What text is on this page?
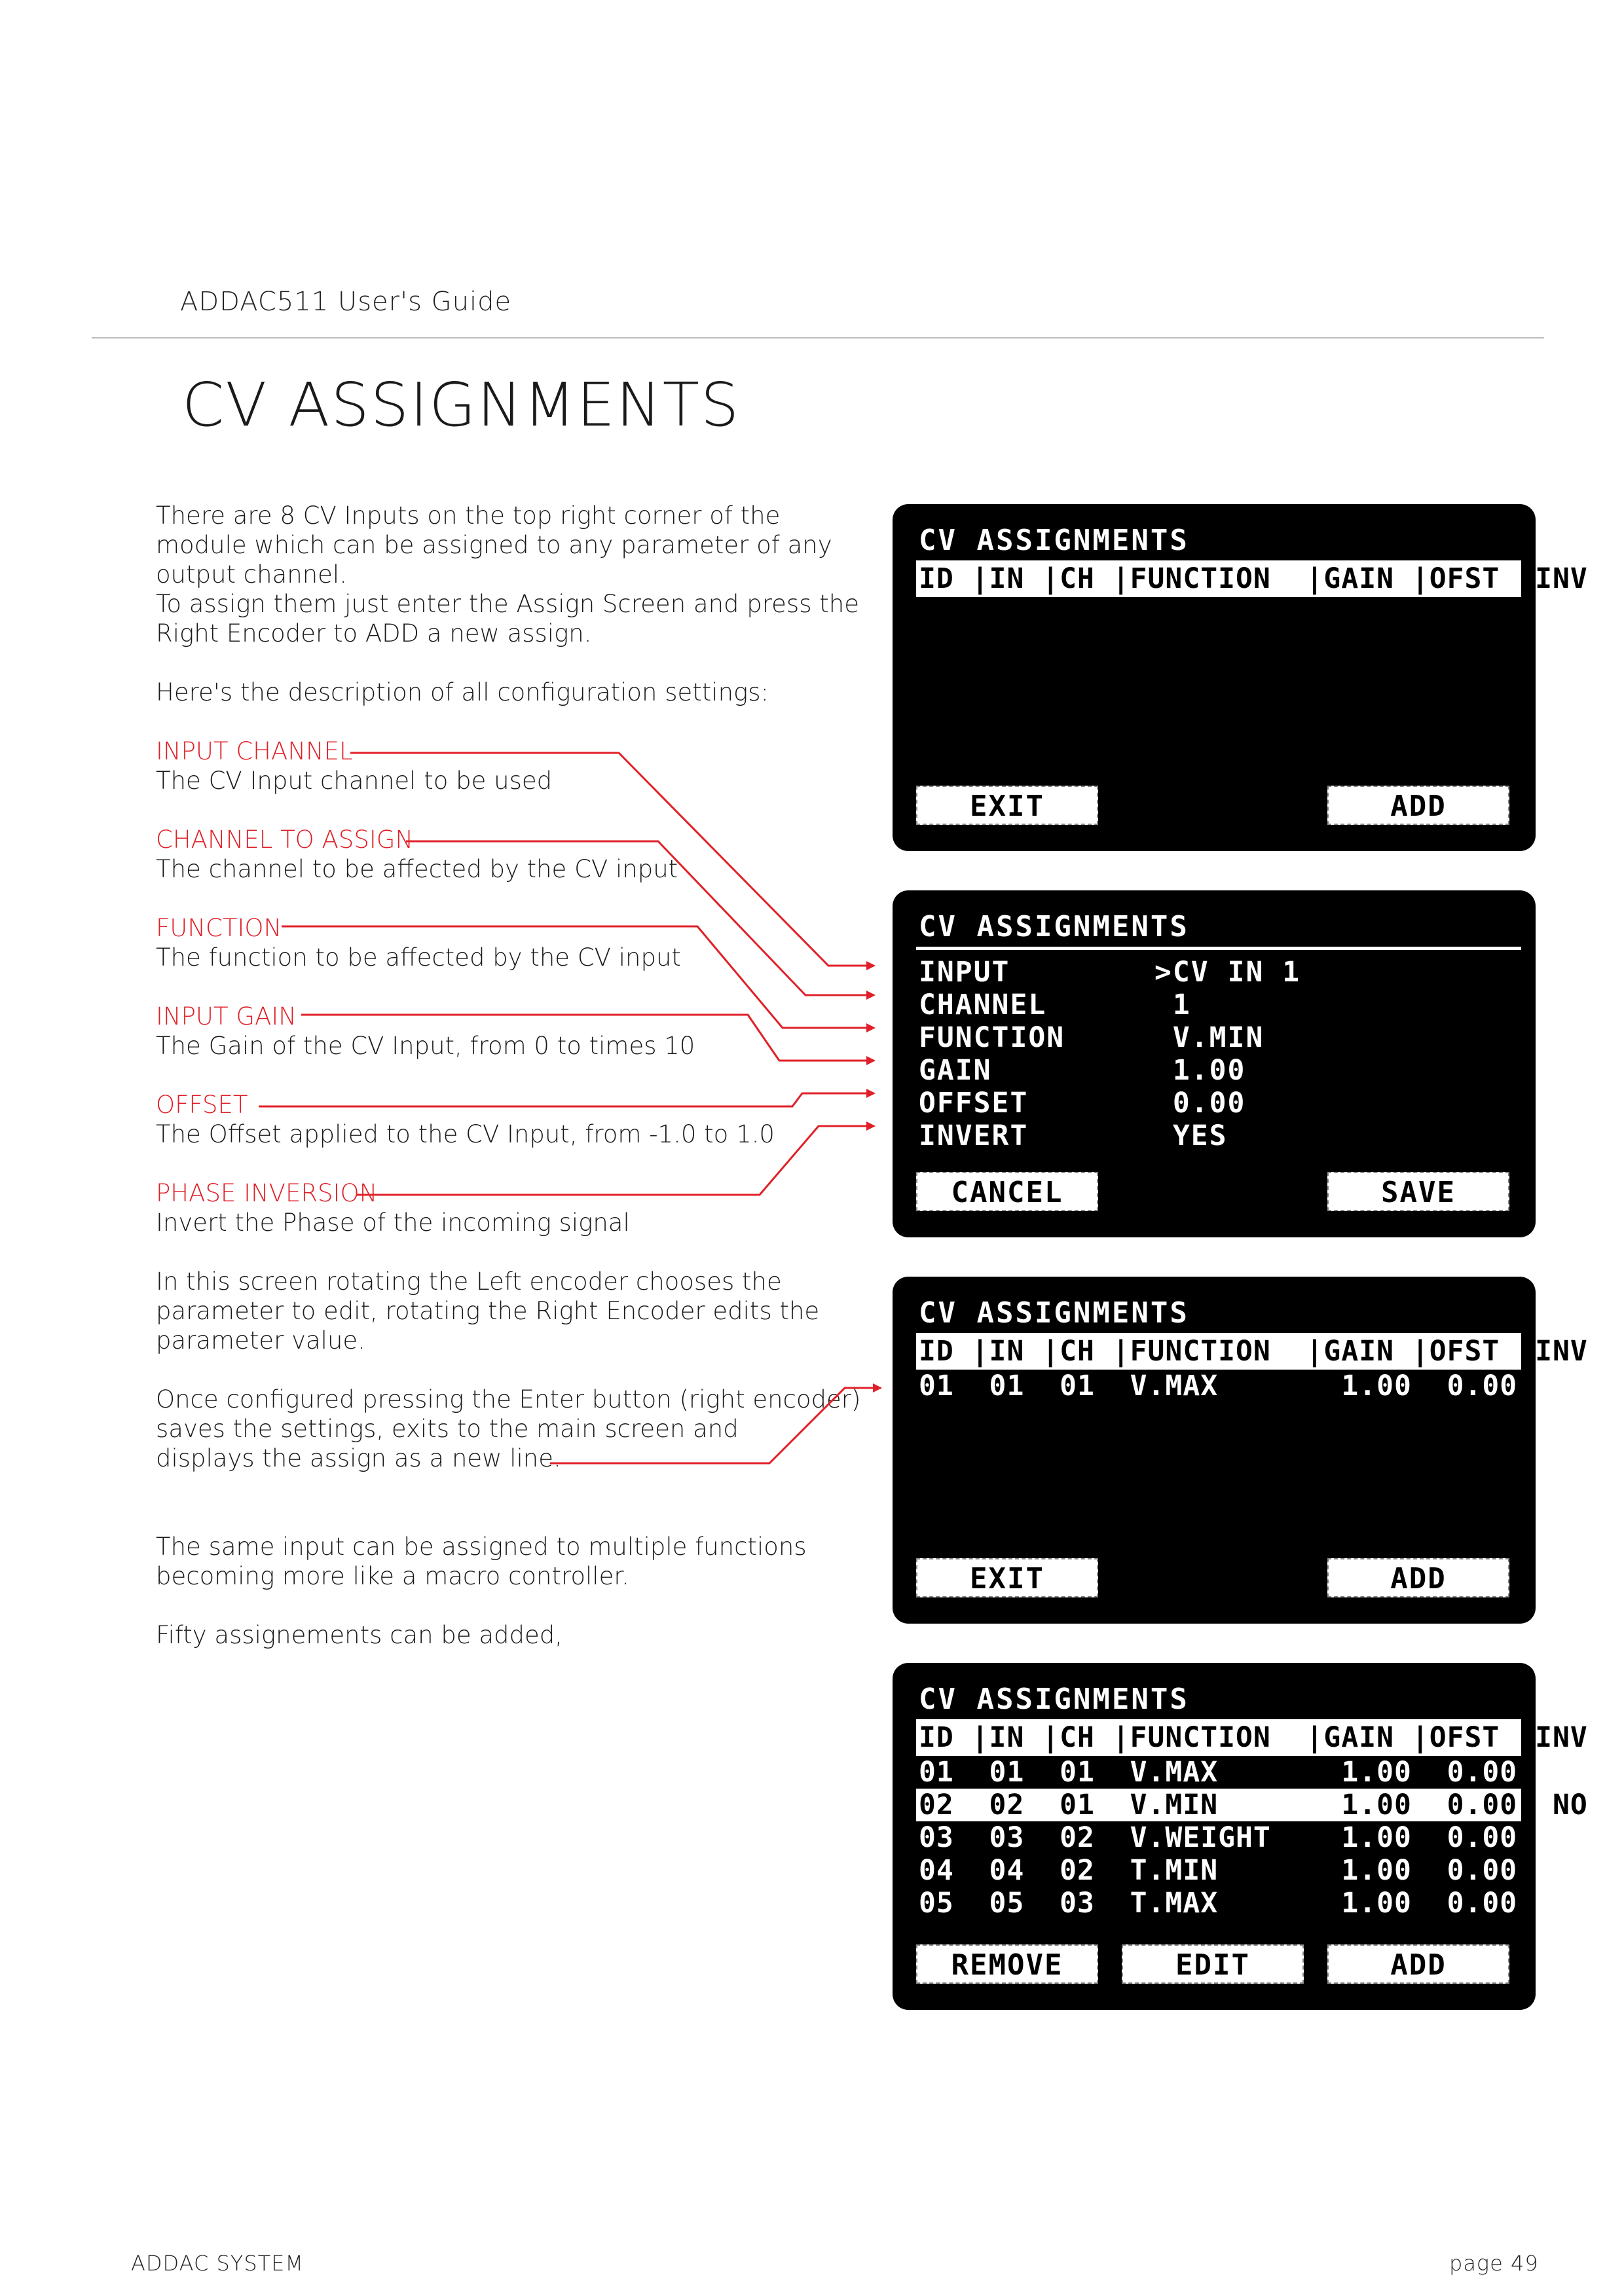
ADDAC511 User's Guide
CV ASSIGNMENTS
There are 8 CV Inputs on the top right corner of the
module which can be assigned to any parameter of any
output channel.
To assign them just enter the Assign Screen and press the
Right Encoder to ADD a new assign.
Here's the description of all configuration settings:
INPUT CHANNEL
The CV Input channel to be used
CHANNEL TO ASSIGN
The channel to be affected by the CV input
FUNCTION
The function to be affected by the CV input
INPUT GAIN
The Gain of the CV Input, from 0 to times 10
OFFSET
The Offset applied to the CV Input, from -1.0 to 1.0
PHASE INVERSION
Invert the Phase of the incoming signal
In this screen rotating the Left encoder chooses the
parameter to edit, rotating the Right Encoder edits the
parameter value.
Once configured pressing the Enter button (right encoder)
saves the settings, exits to the main screen and
displays the assign as a new line.
The same input can be assigned to multiple functions
becoming more like a macro controller.
Fifty assignements can be added,
CV ASSIGNMENTS
ID |IN |CH |FUNCTION  |GAIN |OFST |INV
EXIT	ADD
CV ASSIGNMENTS
INPUT	>CV IN 1
CHANNEL	1
FUNCTION	V.MIN
GAIN	1.00
OFFSET	0.00
INVERT	YES
CANCEL	SAVE
CV ASSIGNMENTS
ID |IN |CH |FUNCTION  |GAIN |OFST |INV
01  01  01  V.MAX       1.00  0.00  YES
EXIT	ADD
CV ASSIGNMENTS
ID |IN |CH |FUNCTION  |GAIN |OFST |INV
01  01  01  V.MAX       1.00  0.00  YES
02  02  01  V.MIN       1.00  0.00  NO
03  03  02  V.WEIGHT    1.00  0.00  NO
04  04  02  T.MIN       1.00  0.00  YES
05  05  03  T.MAX       1.00  0.00  NO
REMOVE	EDIT	ADD
ADDAC SYSTEM	page 49
